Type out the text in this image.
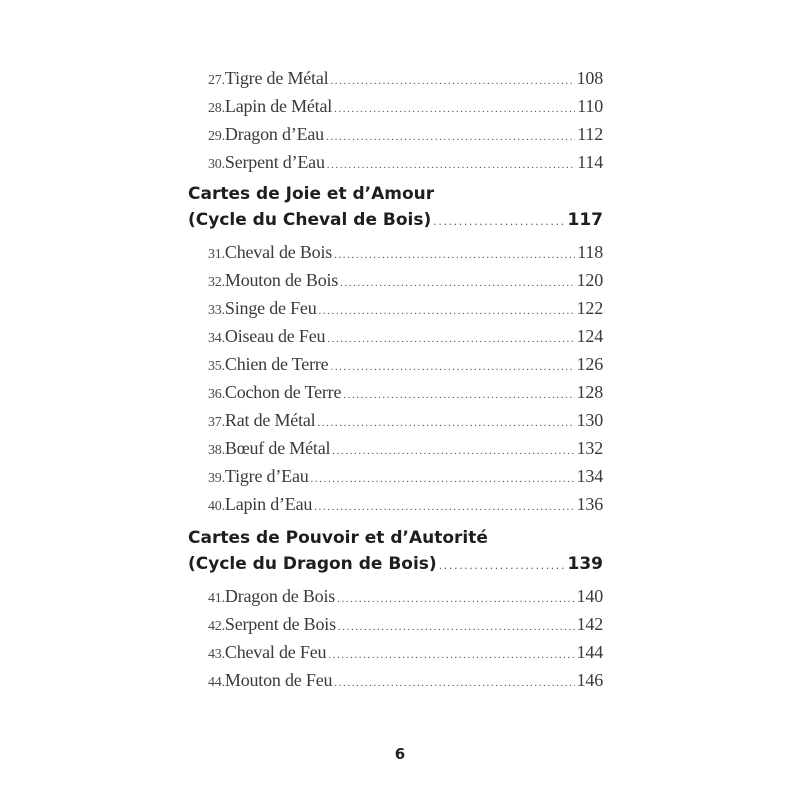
27. Tigre de Métal .....	108
28. Lapin de Métal .....	110
29. Dragon d’Eau .....	112
30. Serpent d’Eau .....	114
Cartes de Joie et d’Amour
(Cycle du Cheval de Bois) .....	117
31. Cheval de Bois .....	118
32. Mouton de Bois .....	120
33. Singe de Feu .....	122
34. Oiseau de Feu .....	124
35. Chien de Terre .....	126
36. Cochon de Terre .....	128
37. Rat de Métal .....	130
38. Bœuf de Métal .....	132
39. Tigre d’Eau .....	134
40. Lapin d’Eau .....	136
Cartes de Pouvoir et d’Autorité
(Cycle du Dragon de Bois) .....	139
41. Dragon de Bois .....	140
42. Serpent de Bois .....	142
43. Cheval de Feu .....	144
44. Mouton de Feu .....	146
6
